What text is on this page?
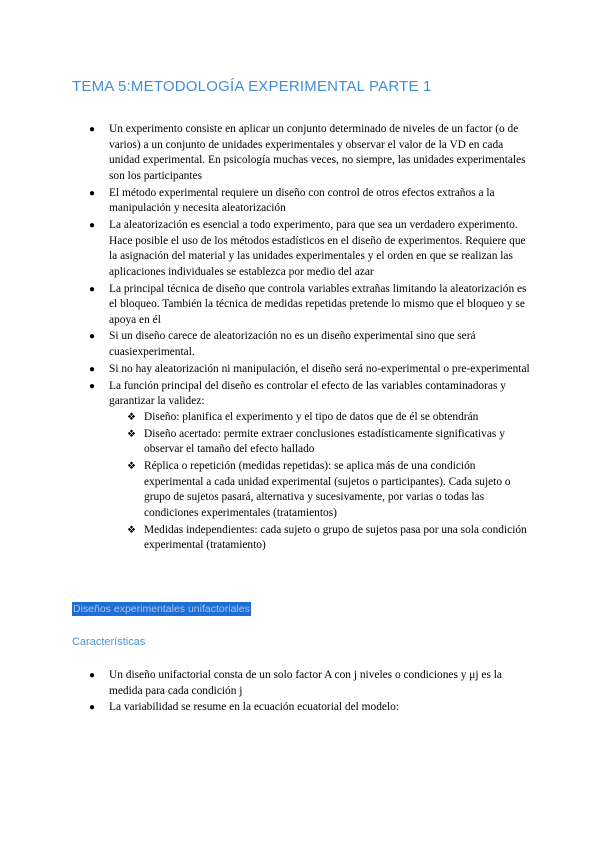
TEMA 5:METODOLOGÍA EXPERIMENTAL PARTE 1
● Un experimento consiste en aplicar un conjunto determinado de niveles de un factor (o de varios) a un conjunto de unidades experimentales y observar el valor de la VD en cada unidad experimental. En psicología muchas veces, no siempre, las unidades experimentales son los participantes
● El método experimental requiere un diseño con control de otros efectos extraños a la manipulación y necesita aleatorización
● La aleatorización es esencial a todo experimento, para que sea un verdadero experimento. Hace posible el uso de los métodos estadísticos en el diseño de experimentos. Requiere que la asignación del material y las unidades experimentales y el orden en que se realizan las aplicaciones individuales se establezca por medio del azar
● La principal técnica de diseño que controla variables extrañas limitando la aleatorización es el bloqueo. También la técnica de medidas repetidas pretende lo mismo que el bloqueo y se apoya en él
● Si un diseño carece de aleatorización no es un diseño experimental sino que será cuasiexperimental.
● Si no hay aleatorización ni manipulación, el diseño será no-experimental o pre-experimental
● La función principal del diseño es controlar el efecto de las variables contaminadoras y garantizar la validez:
❖ Diseño: planifica el experimento y el tipo de datos que de él se obtendrán
❖ Diseño acertado: permite extraer conclusiones estadísticamente significativas y observar el tamaño del efecto hallado
❖ Réplica o repetición (medidas repetidas): se aplica más de una condición experimental a cada unidad experimental (sujetos o participantes). Cada sujeto o grupo de sujetos pasará, alternativa y sucesivamente, por varias o todas las condiciones experimentales (tratamientos)
❖ Medidas independientes: cada sujeto o grupo de sujetos pasa por una sola condición experimental (tratamiento)
Diseños experimentales unifactoriales
Características
● Un diseño unifactorial consta de un solo factor A con j niveles o condiciones y μj es la medida para cada condición j
● La variabilidad se resume en la ecuación ecuatorial del modelo:
